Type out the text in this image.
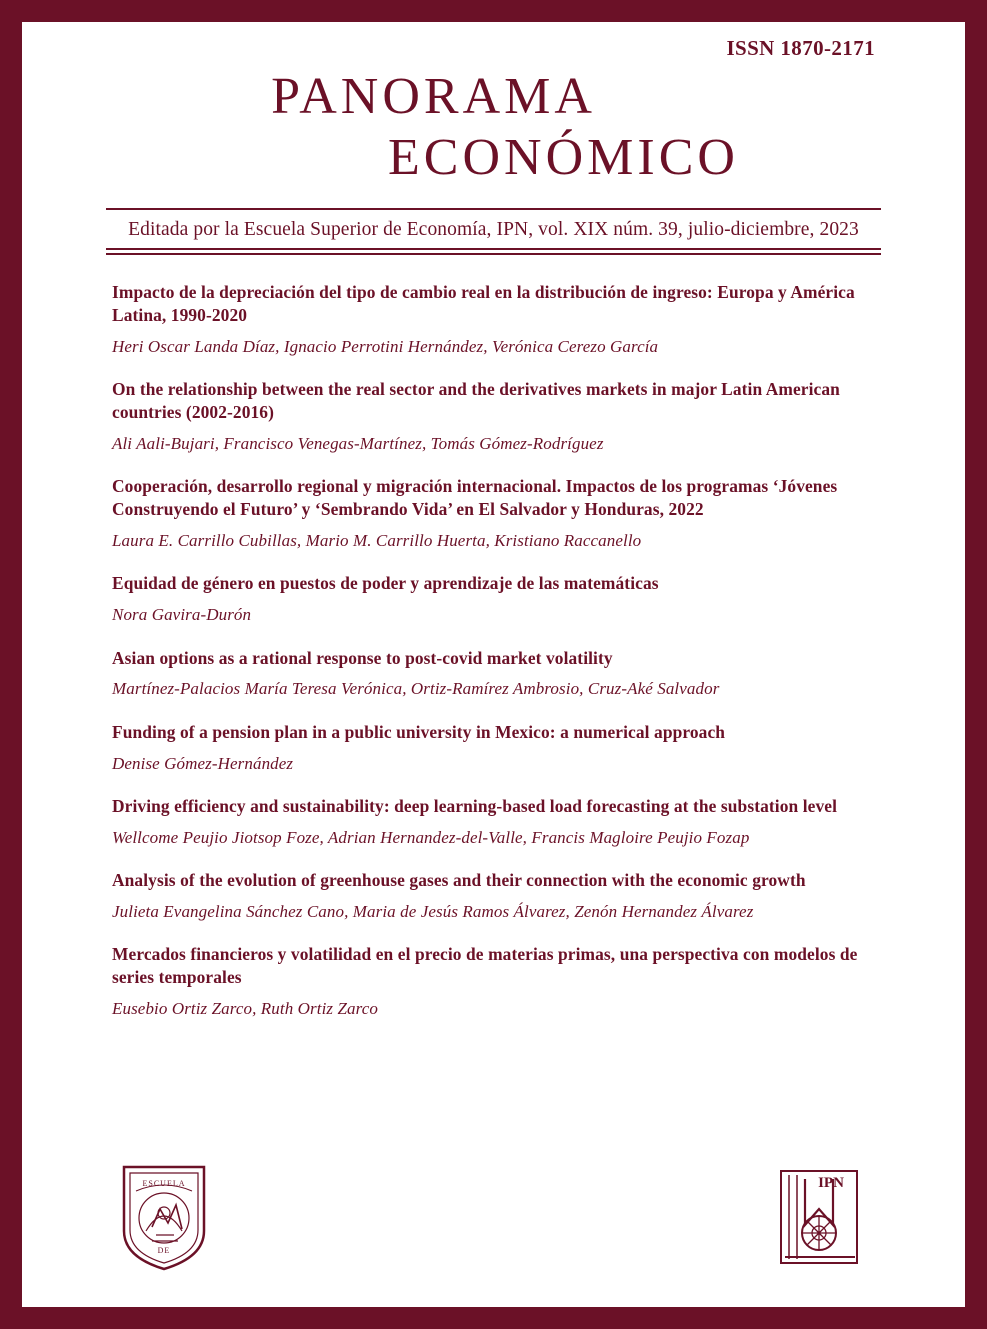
ISSN 1870-2171
PANORAMA
ECONÓMICO
Editada por la Escuela Superior de Economía, IPN, vol. XIX núm. 39, julio-diciembre, 2023
Impacto de la depreciación del tipo de cambio real en la distribución de ingreso: Europa y América Latina, 1990-2020
Heri Oscar Landa Díaz, Ignacio Perrotini Hernández, Verónica Cerezo García
On the relationship between the real sector and the derivatives markets in major Latin American countries (2002-2016)
Ali Aali-Bujari, Francisco Venegas-Martínez, Tomás Gómez-Rodríguez
Cooperación, desarrollo regional y migración internacional. Impactos de los programas ‘Jóvenes Construyendo el Futuro’ y ‘Sembrando Vida’ en El Salvador y Honduras, 2022
Laura E. Carrillo Cubillas, Mario M. Carrillo Huerta, Kristiano Raccanello
Equidad de género en puestos de poder y aprendizaje de las matemáticas
Nora Gavira-Durón
Asian options as a rational response to post-covid market volatility
Martínez-Palacios María Teresa Verónica, Ortiz-Ramírez Ambrosio, Cruz-Aké Salvador
Funding of a pension plan in a public university in Mexico: a numerical approach
Denise Gómez-Hernández
Driving efficiency and sustainability: deep learning-based load forecasting at the substation level
Wellcome Peujio Jiotsop Foze, Adrian Hernandez-del-Valle, Francis Magloire Peujio Fozap
Analysis of the evolution of greenhouse gases and their connection with the economic growth
Julieta Evangelina Sánchez Cano, Maria de Jesús Ramos Álvarez, Zenón Hernandez Álvarez
Mercados financieros y volatilidad en el precio de materias primas, una perspectiva con modelos de series temporales
Eusebio Ortiz Zarco, Ruth Ortiz Zarco
ESCUELA
DE
IPN
